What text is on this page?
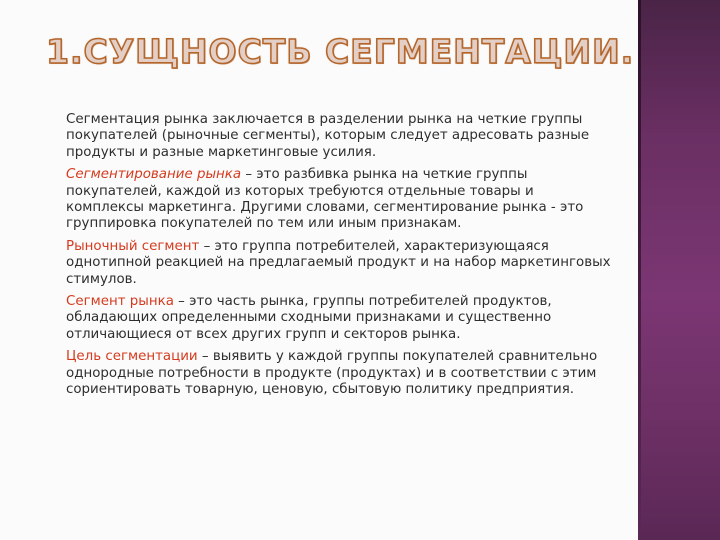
1.СУЩНОСТЬ СЕГМЕНТАЦИИ.

Сегментация рынка заключается в разделении рынка на четкие группы покупателей (рыночные сегменты), которым следует адресовать разные продукты и разные маркетинговые усилия.

Сегментирование рынка – это разбивка рынка на четкие группы покупателей, каждой из которых требуются отдельные товары и комплексы маркетинга. Другими словами, сегментирование рынка - это группировка покупателей по тем или иным признакам.

Рыночный сегмент – это группа потребителей, характеризующаяся однотипной реакцией на предлагаемый продукт и на набор маркетинговых стимулов.

Сегмент рынка – это часть рынка, группы потребителей продуктов, обладающих определенными сходными признаками и существенно отличающиеся от всех других групп и секторов рынка.

Цель сегментации – выявить у каждой группы покупателей сравнительно однородные потребности в продукте (продуктах) и в соответствии с этим сориентировать товарную, ценовую, сбытовую политику предприятия.
